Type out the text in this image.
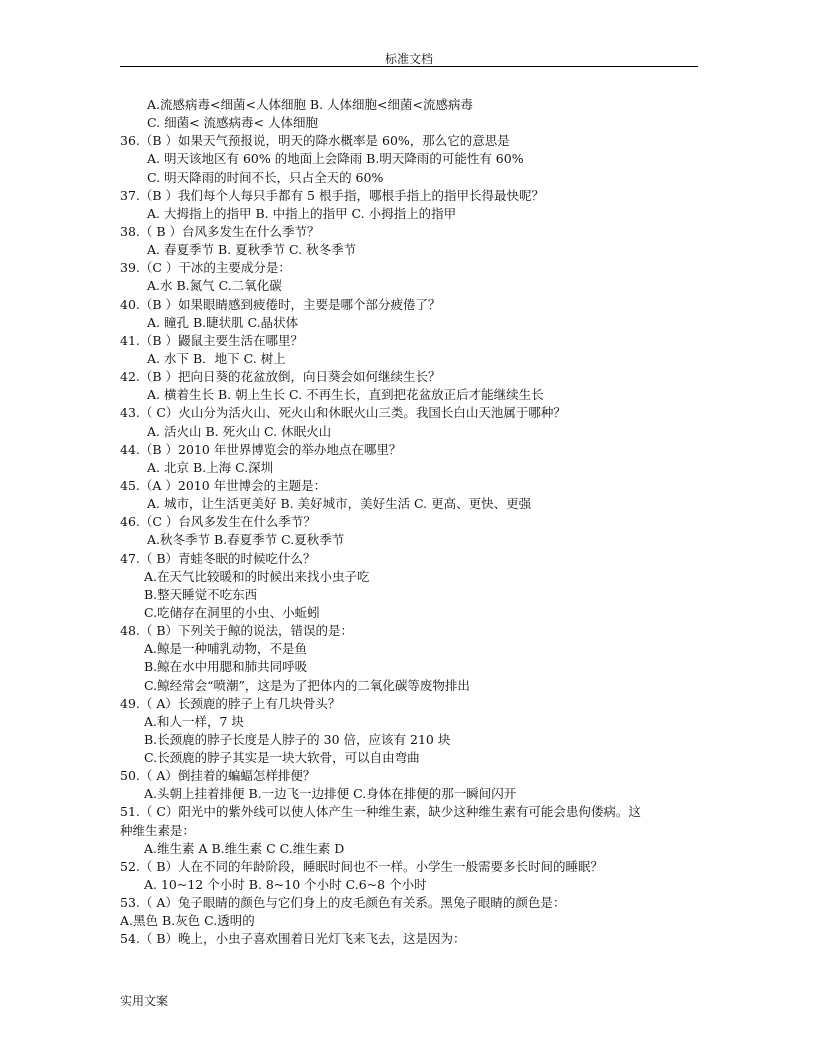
标准文档
A.流感病毒<细菌<人体细胞 B. 人体细胞<细菌<流感病毒
C. 细菌< 流感病毒< 人体细胞
36.（B ）如果天气预报说，明天的降水概率是 60%，那么它的意思是
A. 明天该地区有 60% 的地面上会降雨 B.明天降雨的可能性有 60%
C. 明天降雨的时间不长，只占全天的 60%
37.（B ）我们每个人每只手都有 5 根手指，哪根手指上的指甲长得最快呢？
A. 大拇指上的指甲 B. 中指上的指甲 C. 小拇指上的指甲
38.（ B ）台风多发生在什么季节？
A. 春夏季节 B. 夏秋季节 C. 秋冬季节
39.（C ）干冰的主要成分是：
A.水 B.氮气 C.二氧化碳
40.（B ）如果眼睛感到疲倦时，主要是哪个部分疲倦了？
A. 瞳孔 B.睫状肌 C.晶状体
41.（B ）鼹鼠主要生活在哪里？
A. 水下 B．地下 C. 树上
42.（B ）把向日葵的花盆放倒，向日葵会如何继续生长？
A. 横着生长 B. 朝上生长 C. 不再生长，直到把花盆放正后才能继续生长
43.（ C）火山分为活火山、死火山和休眠火山三类。我国长白山天池属于哪种？
A. 活火山 B. 死火山 C. 休眠火山
44.（B ）2010 年世界博览会的举办地点在哪里？
A. 北京 B.上海 C.深圳
45.（A ）2010 年世博会的主题是：
A. 城市，让生活更美好 B. 美好城市，美好生活 C. 更高、更快、更强
46.（C ）台风多发生在什么季节？
A.秋冬季节 B.春夏季节 C.夏秋季节
47.（ B）青蛙冬眠的时候吃什么？
A.在天气比较暖和的时候出来找小虫子吃
B.整天睡觉不吃东西
C.吃储存在洞里的小虫、小蚯蚓
48.（ B）下列关于鲸的说法，错误的是：
A.鲸是一种哺乳动物，不是鱼
B.鲸在水中用腮和肺共同呼吸
C.鲸经常会“喷潮”，这是为了把体内的二氧化碳等废物排出
49.（ A）长颈鹿的脖子上有几块骨头？
A.和人一样，7 块
B.长颈鹿的脖子长度是人脖子的 30 倍，应该有 210 块
C.长颈鹿的脖子其实是一块大软骨，可以自由弯曲
50.（ A）倒挂着的蝙蝠怎样排便？
A.头朝上挂着排便 B.一边飞一边排便 C.身体在排便的那一瞬间闪开
51.（ C）阳光中的紫外线可以使人体产生一种维生素，缺少这种维生素有可能会患佝偻病。这
种维生素是：
A.维生素 A B.维生素 C C.维生素 D
52.（ B）人在不同的年龄阶段，睡眠时间也不一样。小学生一般需要多长时间的睡眠？
A. 10~12 个小时 B. 8~10 个小时 C.6~8 个小时
53.（ A）兔子眼睛的颜色与它们身上的皮毛颜色有关系。黑兔子眼睛的颜色是：
A.黑色 B.灰色 C.透明的
54.（ B）晚上，小虫子喜欢围着日光灯飞来飞去，这是因为：
实用文案
